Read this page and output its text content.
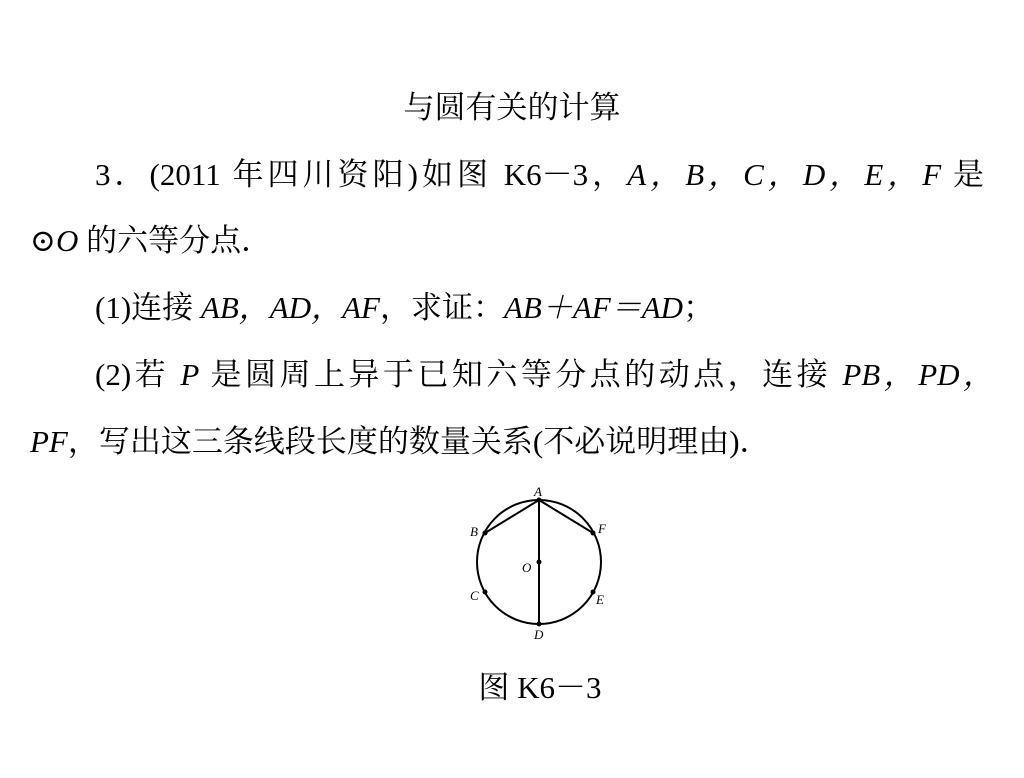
与圆有关的计算
3．(2011 年四川资阳)如图 K6－3，A，B，C，D，E，F 是
⊙O 的六等分点．
(1)连接 AB，AD，AF，求证：AB＋AF＝AD；
(2)若 P 是圆周上异于已知六等分点的动点，连接 PB，PD，
PF，写出这三条线段长度的数量关系(不必说明理由)．
A
B
C
D
E
F
O
图 K6－3
